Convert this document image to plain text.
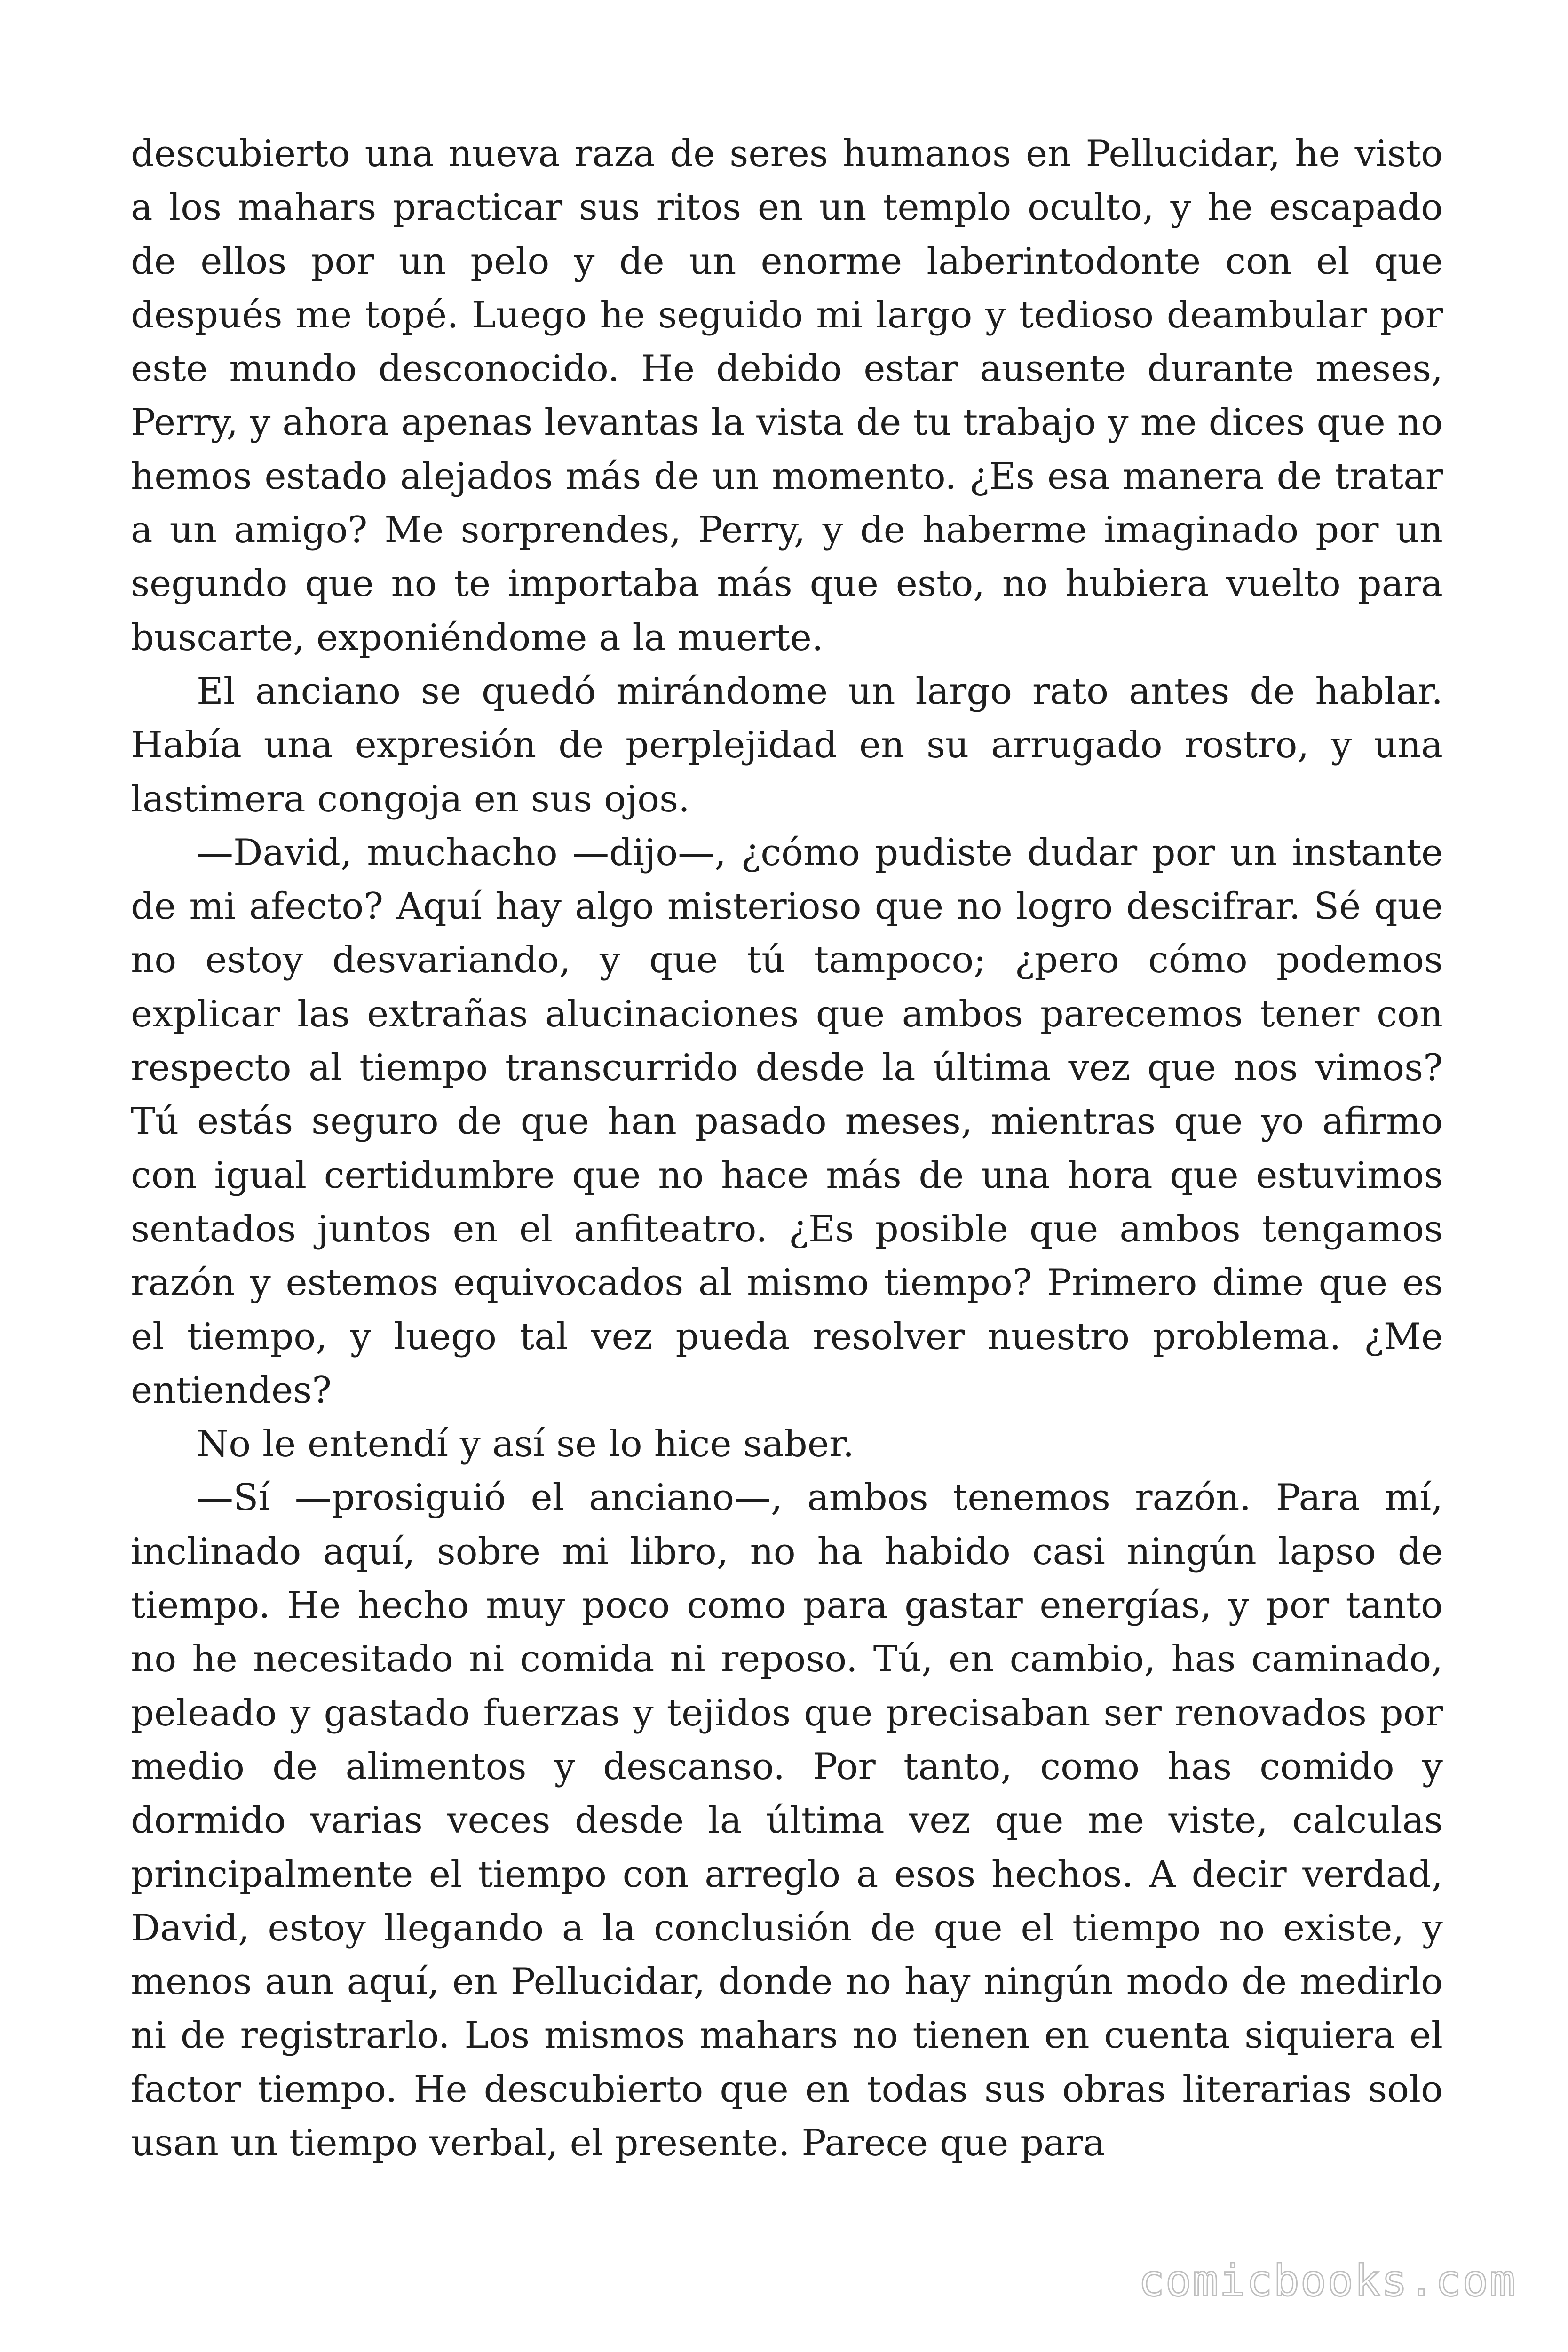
descubierto una nueva raza de seres humanos en Pellucidar, he visto a los mahars practicar sus ritos en un templo oculto, y he escapado de ellos por un pelo y de un enorme laberintodonte con el que después me topé. Luego he seguido mi largo y tedioso deambular por este mundo desconocido. He debido estar ausente durante meses, Perry, y ahora apenas levantas la vista de tu trabajo y me dices que no hemos estado alejados más de un momento. ¿Es esa manera de tratar a un amigo? Me sorprendes, Perry, y de haberme imaginado por un segundo que no te importaba más que esto, no hubiera vuelto para buscarte, exponiéndome a la muerte.

El anciano se quedó mirándome un largo rato antes de hablar. Había una expresión de perplejidad en su arrugado rostro, y una lastimera congoja en sus ojos.

—David, muchacho —dijo—, ¿cómo pudiste dudar por un instante de mi afecto? Aquí hay algo misterioso que no logro descifrar. Sé que no estoy desvariando, y que tú tampoco; ¿pero cómo podemos explicar las extrañas alucinaciones que ambos parecemos tener con respecto al tiempo transcurrido desde la última vez que nos vimos? Tú estás seguro de que han pasado meses, mientras que yo afirmo con igual certidumbre que no hace más de una hora que estuvimos sentados juntos en el anfiteatro. ¿Es posible que ambos tengamos razón y estemos equivocados al mismo tiempo? Primero dime que es el tiempo, y luego tal vez pueda resolver nuestro problema. ¿Me entiendes?

No le entendí y así se lo hice saber.

—Sí —prosiguió el anciano—, ambos tenemos razón. Para mí, inclinado aquí, sobre mi libro, no ha habido casi ningún lapso de tiempo. He hecho muy poco como para gastar energías, y por tanto no he necesitado ni comida ni reposo. Tú, en cambio, has caminado, peleado y gastado fuerzas y tejidos que precisaban ser renovados por medio de alimentos y descanso. Por tanto, como has comido y dormido varias veces desde la última vez que me viste, calculas principalmente el tiempo con arreglo a esos hechos. A decir verdad, David, estoy llegando a la conclusión de que el tiempo no existe, y menos aun aquí, en Pellucidar, donde no hay ningún modo de medirlo ni de registrarlo. Los mismos mahars no tienen en cuenta siquiera el factor tiempo. He descubierto que en todas sus obras literarias solo usan un tiempo verbal, el presente. Parece que para

comicbooks.com
